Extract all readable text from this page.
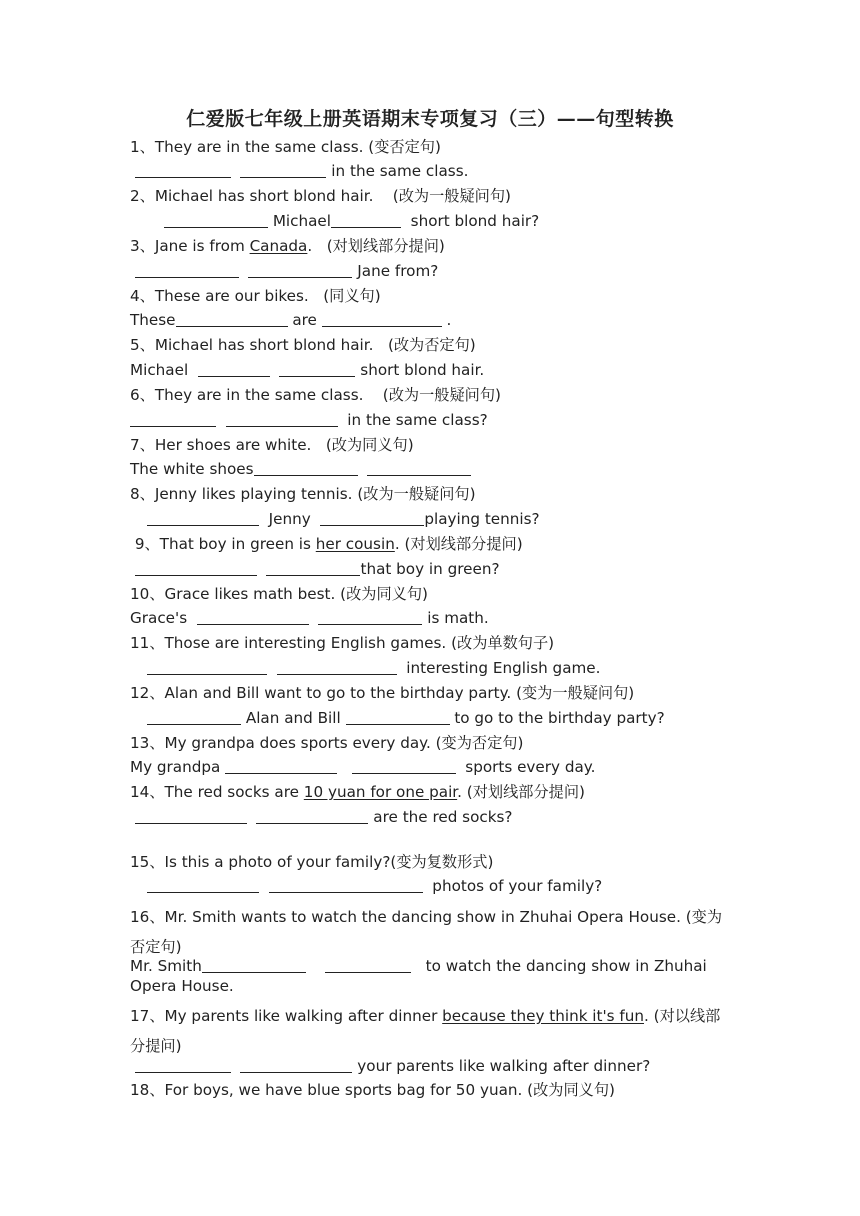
仁爱版七年级上册英语期末专项复习（三）——句型转换
1、They are in the same class. (变否定句)
in the same class.
2、Michael has short blond hair.    (改为一般疑问句)
Michael	short blond hair?
3、Jane is from Canada.   (对划线部分提问)
Jane from?
4、These are our bikes.   (同义句)
These	are	.
5、Michael has short blond hair.   (改为否定句)
Michael	short blond hair.
6、They are in the same class.    (改为一般疑问句)
in the same class?
7、Her shoes are white.   (改为同义句)
The white shoes
8、Jenny likes playing tennis. (改为一般疑问句)
Jenny	playing tennis?
9、That boy in green is her cousin. (对划线部分提问)
that boy in green?
10、Grace likes math best. (改为同义句)
Grace's	is math.
11、Those are interesting English games. (改为单数句子)
interesting English game.
12、Alan and Bill want to go to the birthday party. (变为一般疑问句)
Alan and Bill	to go to the birthday party?
13、My grandpa does sports every day. (变为否定句)
My grandpa	sports every day.
14、The red socks are 10 yuan for one pair. (对划线部分提问)
are the red socks?
15、Is this a photo of your family?(变为复数形式)
photos of your family?
16、Mr. Smith wants to watch the dancing show in Zhuhai Opera House. (变为否定句)
Mr. Smith	to watch the dancing show in Zhuhai Opera House.
17、My parents like walking after dinner because they think it's fun. (对以线部分提问)
your parents like walking after dinner?
18、For boys, we have blue sports bag for 50 yuan. (改为同义句)
